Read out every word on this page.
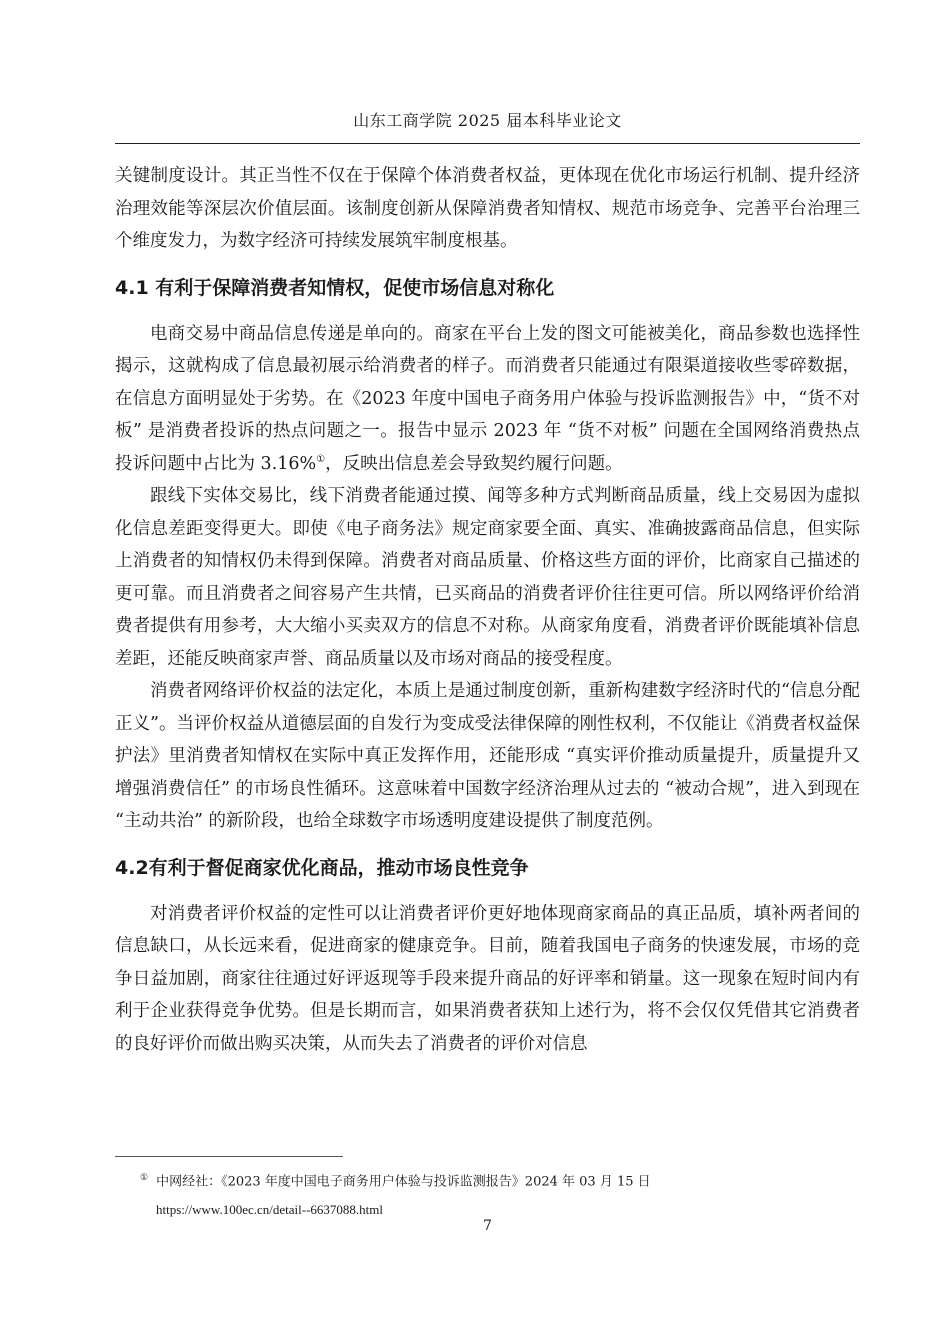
山东工商学院 2025 届本科毕业论文

关键制度设计。其正当性不仅在于保障个体消费者权益，更体现在优化市场运行机制、提升经济治理效能等深层次价值层面。该制度创新从保障消费者知情权、规范市场竞争、完善平台治理三个维度发力，为数字经济可持续发展筑牢制度根基。

4.1 有利于保障消费者知情权，促使市场信息对称化

电商交易中商品信息传递是单向的。商家在平台上发的图文可能被美化，商品参数也选择性揭示，这就构成了信息最初展示给消费者的样子。而消费者只能通过有限渠道接收些零碎数据，在信息方面明显处于劣势。在《2023 年度中国电子商务用户体验与投诉监测报告》中，“货不对板” 是消费者投诉的热点问题之一。报告中显示 2023 年 “货不对板” 问题在全国网络消费热点投诉问题中占比为 3.16%①，反映出信息差会导致契约履行问题。

跟线下实体交易比，线下消费者能通过摸、闻等多种方式判断商品质量，线上交易因为虚拟化信息差距变得更大。即使《电子商务法》规定商家要全面、真实、准确披露商品信息，但实际上消费者的知情权仍未得到保障。消费者对商品质量、价格这些方面的评价，比商家自己描述的更可靠。而且消费者之间容易产生共情，已买商品的消费者评价往往更可信。所以网络评价给消费者提供有用参考，大大缩小买卖双方的信息不对称。从商家角度看，消费者评价既能填补信息差距，还能反映商家声誉、商品质量以及市场对商品的接受程度。

消费者网络评价权益的法定化，本质上是通过制度创新，重新构建数字经济时代的“信息分配正义”。当评价权益从道德层面的自发行为变成受法律保障的刚性权利，不仅能让《消费者权益保护法》里消费者知情权在实际中真正发挥作用，还能形成 “真实评价推动质量提升，质量提升又增强消费信任” 的市场良性循环。这意味着中国数字经济治理从过去的 “被动合规”，进入到现在 “主动共治” 的新阶段，也给全球数字市场透明度建设提供了制度范例。

4.2有利于督促商家优化商品，推动市场良性竞争

对消费者评价权益的定性可以让消费者评价更好地体现商家商品的真正品质，填补两者间的信息缺口，从长远来看，促进商家的健康竞争。目前，随着我国电子商务的快速发展，市场的竞争日益加剧，商家往往通过好评返现等手段来提升商品的好评率和销量。这一现象在短时间内有利于企业获得竞争优势。但是长期而言，如果消费者获知上述行为，将不会仅仅凭借其它消费者的良好评价而做出购买决策，从而失去了消费者的评价对信息

① 中网经社：《2023 年度中国电子商务用户体验与投诉监测报告》2024 年 03 月 15 日
https://www.100ec.cn/detail--6637088.html
7
